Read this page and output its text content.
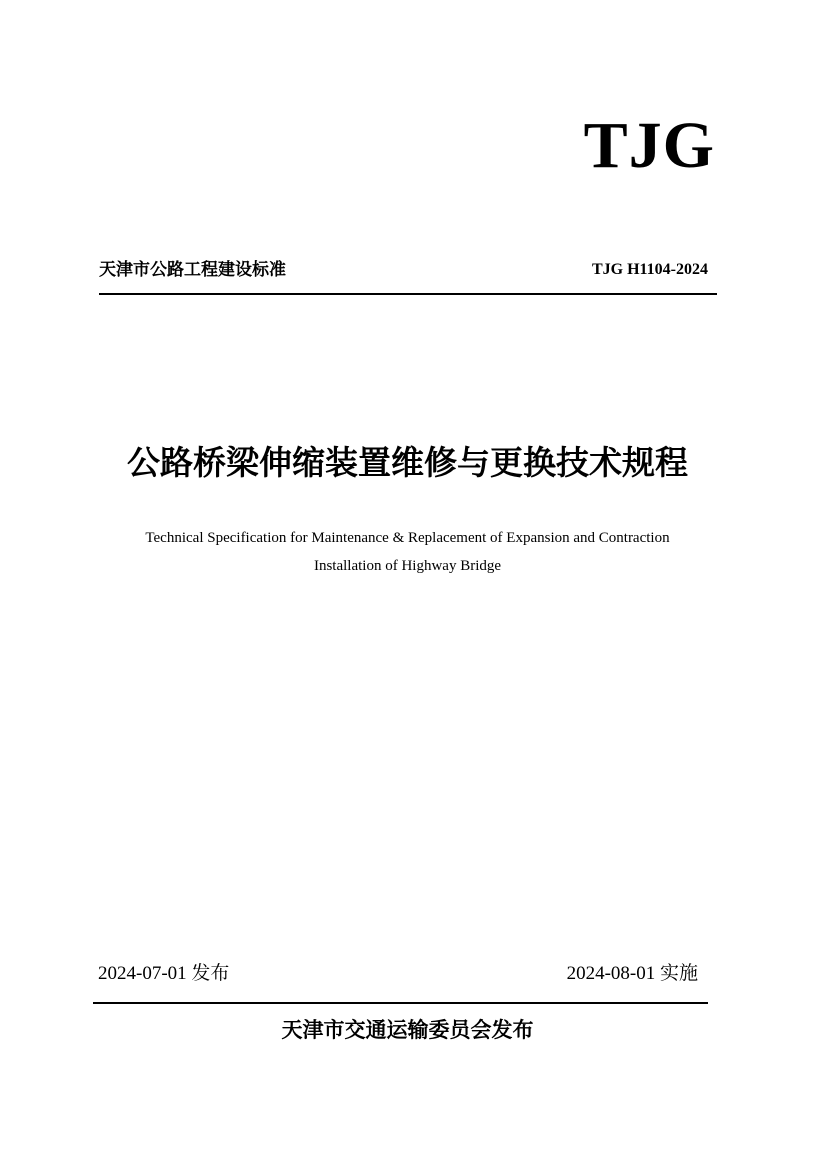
TJG
天津市公路工程建设标准	TJG H1104-2024
公路桥梁伸缩装置维修与更换技术规程
Technical Specification for Maintenance & Replacement of Expansion and Contraction
Installation of Highway Bridge
2024-07-01 发布	2024-08-01 实施
天津市交通运输委员会发布
